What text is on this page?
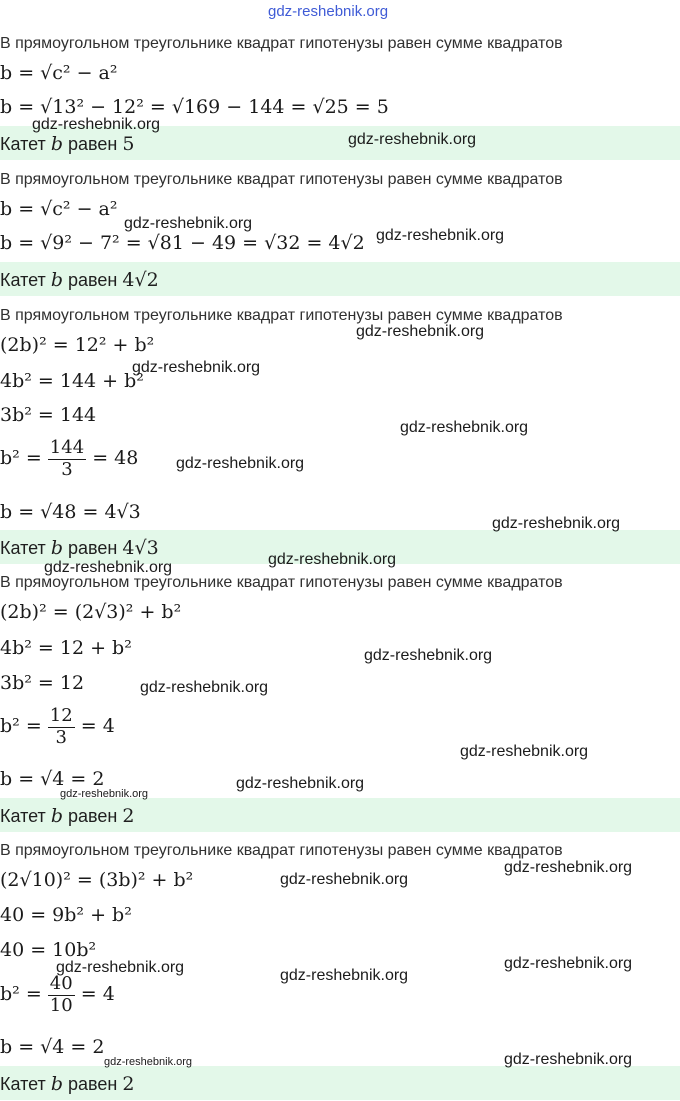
gdz-reshebnik.org
В прямоугольном треугольнике квадрат гипотенузы равен сумме квадратов
b = √c² − a²
b = √13² − 12² = √169 − 144 = √25 = 5
Катет b равен 5
В прямоугольном треугольнике квадрат гипотенузы равен сумме квадратов
b = √c² − a²
b = √9² − 7² = √81 − 49 = √32 = 4√2
Катет b равен 4√2
В прямоугольном треугольнике квадрат гипотенузы равен сумме квадратов
(2b)² = 12² + b²
4b² = 144 + b²
3b² = 144
$b^2 = \frac{144}{3} = 48$
b = √48 = 4√3
Катет b равен 4√3
В прямоугольном треугольнике квадрат гипотенузы равен сумме квадратов
(2b)² = (2√3)² + b²
4b² = 12 + b²
3b² = 12
$b^2 = \frac{12}{3} = 4$
b = √4 = 2
Катет b равен 2
В прямоугольном треугольнике квадрат гипотенузы равен сумме квадратов
(2√10)² = (3b)² + b²
40 = 9b² + b²
40 = 10b²
$b^2 = \frac{40}{10} = 4$
b = √4 = 2
Катет b равен 2
gdz-reshebnik.org
gdz-reshebnik.org
gdz-reshebnik.org
gdz-reshebnik.org
gdz-reshebnik.org
gdz-reshebnik.org
gdz-reshebnik.org
gdz-reshebnik.org
gdz-reshebnik.org
gdz-reshebnik.org
gdz-reshebnik.org
gdz-reshebnik.org
gdz-reshebnik.org
gdz-reshebnik.org
gdz-reshebnik.org
gdz-reshebnik.org
gdz-reshebnik.org
gdz-reshebnik.org
gdz-reshebnik.org	gdz-reshebnik.org
gdz-reshebnik.org
gdz-reshebnik.org	gdz-reshebnik.org
